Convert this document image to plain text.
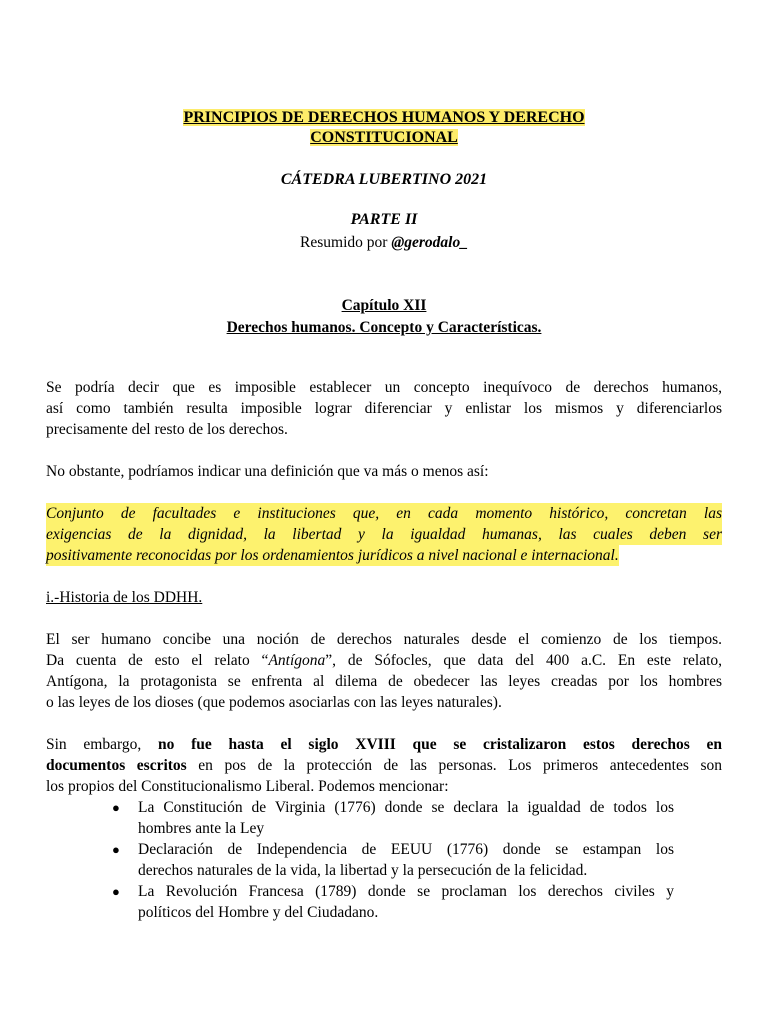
PRINCIPIOS DE DERECHOS HUMANOS Y DERECHO
CONSTITUCIONAL
CÁTEDRA LUBERTINO 2021
PARTE II
Resumido por @gerodalo_
Capítulo XII
Derechos humanos. Concepto y Características.
Se podría decir que es imposible establecer un concepto inequívoco de derechos humanos,
así como también resulta imposible lograr diferenciar y enlistar los mismos y diferenciarlos
precisamente del resto de los derechos.
No obstante, podríamos indicar una definición que va más o menos así:
Conjunto de facultades e instituciones que, en cada momento histórico, concretan las
exigencias de la dignidad, la libertad y la igualdad humanas, las cuales deben ser
positivamente reconocidas por los ordenamientos jurídicos a nivel nacional e internacional.
i.-Historia de los DDHH.
El ser humano concibe una noción de derechos naturales desde el comienzo de los tiempos.
Da cuenta de esto el relato “Antígona”, de Sófocles, que data del 400 a.C. En este relato,
Antígona, la protagonista se enfrenta al dilema de obedecer las leyes creadas por los hombres
o las leyes de los dioses (que podemos asociarlas con las leyes naturales).
Sin embargo, no fue hasta el siglo XVIII que se cristalizaron estos derechos en
documentos escritos en pos de la protección de las personas. Los primeros antecedentes son
los propios del Constitucionalismo Liberal. Podemos mencionar:
● La Constitución de Virginia (1776) donde se declara la igualdad de todos los
hombres ante la Ley
● Declaración de Independencia de EEUU (1776) donde se estampan los
derechos naturales de la vida, la libertad y la persecución de la felicidad.
● La Revolución Francesa (1789) donde se proclaman los derechos civiles y
políticos del Hombre y del Ciudadano.
